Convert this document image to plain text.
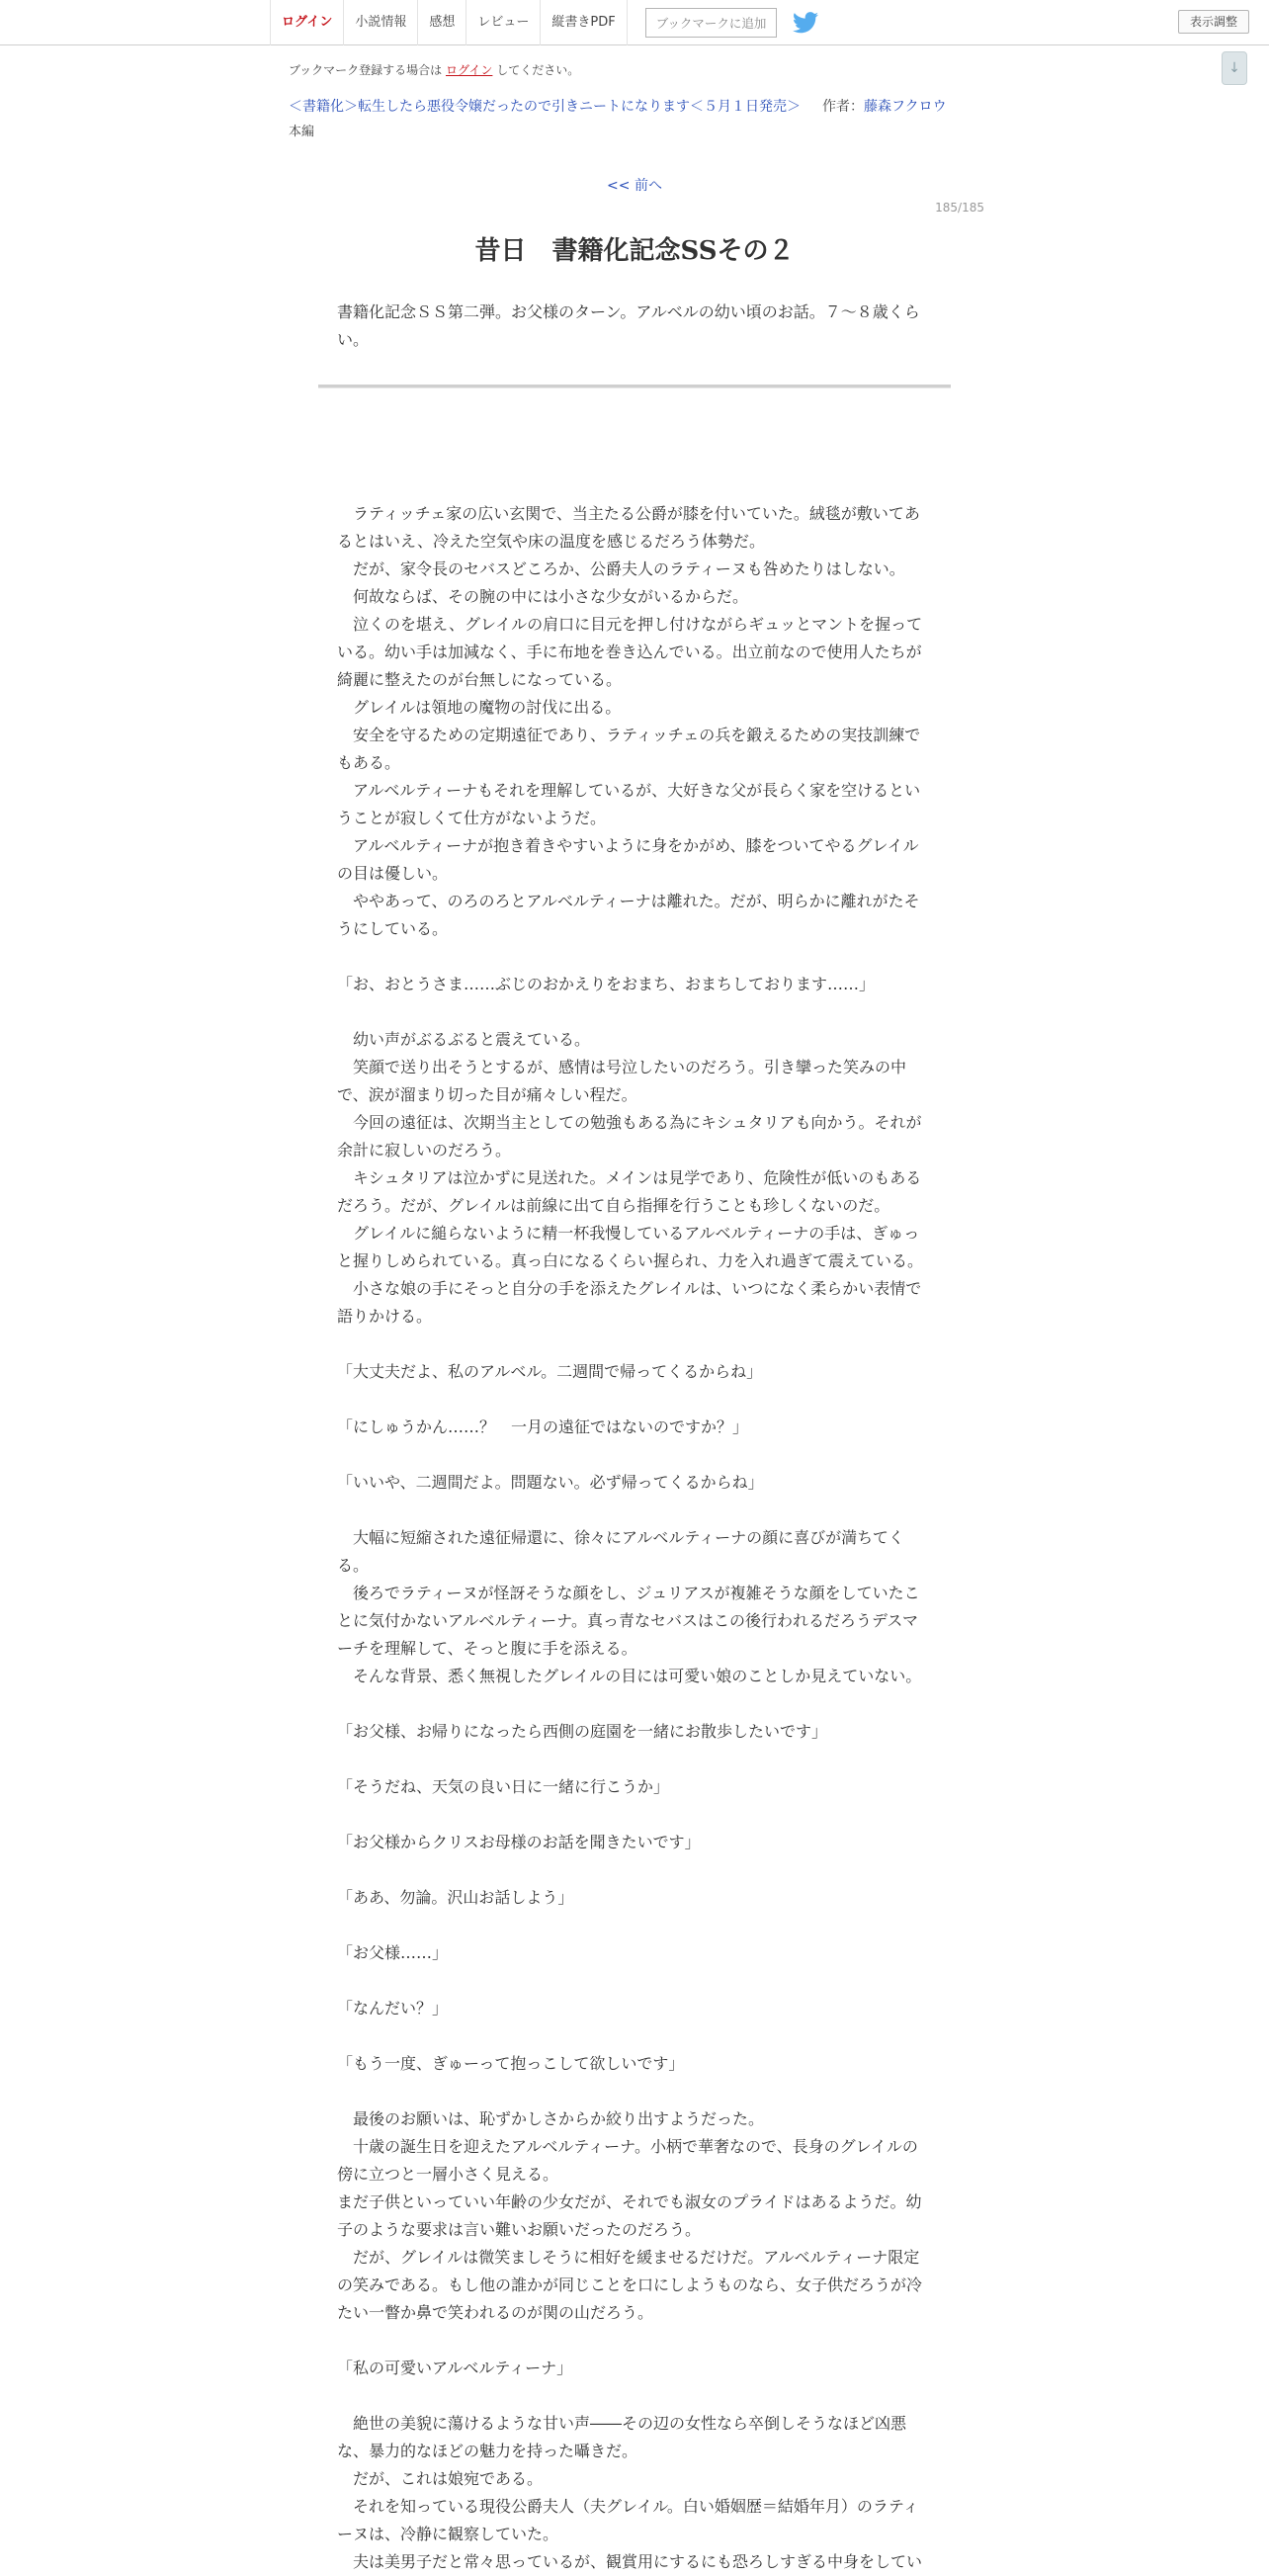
ログイン	小説情報	感想	レビュー	縦書きPDF	ブックマークに追加	表示調整
↓
ブックマーク登録する場合は ログイン してください。
＜書籍化＞転生したら悪役令嬢だったので引きニートになります＜５月１日発売＞ 作者：藤森フクロウ
本編
<< 前へ
185/185
昔日　書籍化記念SSその２
書籍化記念ＳＳ第二弾。お父様のターン。アルベルの幼い頃のお話。７～８歳くら
い。
　ラティッチェ家の広い玄関で、当主たる公爵が膝を付いていた。絨毯が敷いてあ
るとはいえ、冷えた空気や床の温度を感じるだろう体勢だ。
　だが、家令長のセバスどころか、公爵夫人のラティーヌも咎めたりはしない。
　何故ならば、その腕の中には小さな少女がいるからだ。
　泣くのを堪え、グレイルの肩口に目元を押し付けながらギュッとマントを握って
いる。幼い手は加減なく、手に布地を巻き込んでいる。出立前なので使用人たちが
綺麗に整えたのが台無しになっている。
　グレイルは領地の魔物の討伐に出る。
　安全を守るための定期遠征であり、ラティッチェの兵を鍛えるための実技訓練で
もある。
　アルベルティーナもそれを理解しているが、大好きな父が長らく家を空けるとい
うことが寂しくて仕方がないようだ。
　アルベルティーナが抱き着きやすいように身をかがめ、膝をついてやるグレイル
の目は優しい。
　ややあって、のろのろとアルベルティーナは離れた。だが、明らかに離れがたそ
うにしている。
「お、おとうさま……ぶじのおかえりをおまち、おまちしております……」
　幼い声がぶるぶると震えている。
　笑顔で送り出そうとするが、感情は号泣したいのだろう。引き攣った笑みの中
で、涙が溜まり切った目が痛々しい程だ。
　今回の遠征は、次期当主としての勉強もある為にキシュタリアも向かう。それが
余計に寂しいのだろう。
　キシュタリアは泣かずに見送れた。メインは見学であり、危険性が低いのもある
だろう。だが、グレイルは前線に出て自ら指揮を行うことも珍しくないのだ。
　グレイルに縋らないように精一杯我慢しているアルベルティーナの手は、ぎゅっ
と握りしめられている。真っ白になるくらい握られ、力を入れ過ぎて震えている。
　小さな娘の手にそっと自分の手を添えたグレイルは、いつになく柔らかい表情で
語りかける。
「大丈夫だよ、私のアルベル。二週間で帰ってくるからね」
「にしゅうかん……？　一月の遠征ではないのですか？」
「いいや、二週間だよ。問題ない。必ず帰ってくるからね」
　大幅に短縮された遠征帰還に、徐々にアルベルティーナの顔に喜びが満ちてく
る。
　後ろでラティーヌが怪訝そうな顔をし、ジュリアスが複雑そうな顔をしていたこ
とに気付かないアルベルティーナ。真っ青なセバスはこの後行われるだろうデスマ
ーチを理解して、そっと腹に手を添える。
　そんな背景、悉く無視したグレイルの目には可愛い娘のことしか見えていない。
「お父様、お帰りになったら西側の庭園を一緒にお散歩したいです」
「そうだね、天気の良い日に一緒に行こうか」
「お父様からクリスお母様のお話を聞きたいです」
「ああ、勿論。沢山お話しよう」
「お父様……」
「なんだい？」
「もう一度、ぎゅーって抱っこして欲しいです」
　最後のお願いは、恥ずかしさからか絞り出すようだった。
　十歳の誕生日を迎えたアルベルティーナ。小柄で華奢なので、長身のグレイルの
傍に立つと一層小さく見える。
まだ子供といっていい年齢の少女だが、それでも淑女のプライドはあるようだ。幼
子のような要求は言い難いお願いだったのだろう。
　だが、グレイルは微笑ましそうに相好を緩ませるだけだ。アルベルティーナ限定
の笑みである。もし他の誰かが同じことを口にしようものなら、女子供だろうが冷
たい一瞥か鼻で笑われるのが関の山だろう。
「私の可愛いアルベルティーナ」
　絶世の美貌に蕩けるような甘い声――その辺の女性なら卒倒しそうなほど凶悪
な、暴力的なほどの魅力を持った囁きだ。
　だが、これは娘宛である。
　それを知っている現役公爵夫人（夫グレイル。白い婚姻歴＝結婚年月）のラティ
ーヌは、冷静に観察していた。
　夫は美男子だと常々思っているが、観賞用にするにも恐ろしすぎる中身をしてい
